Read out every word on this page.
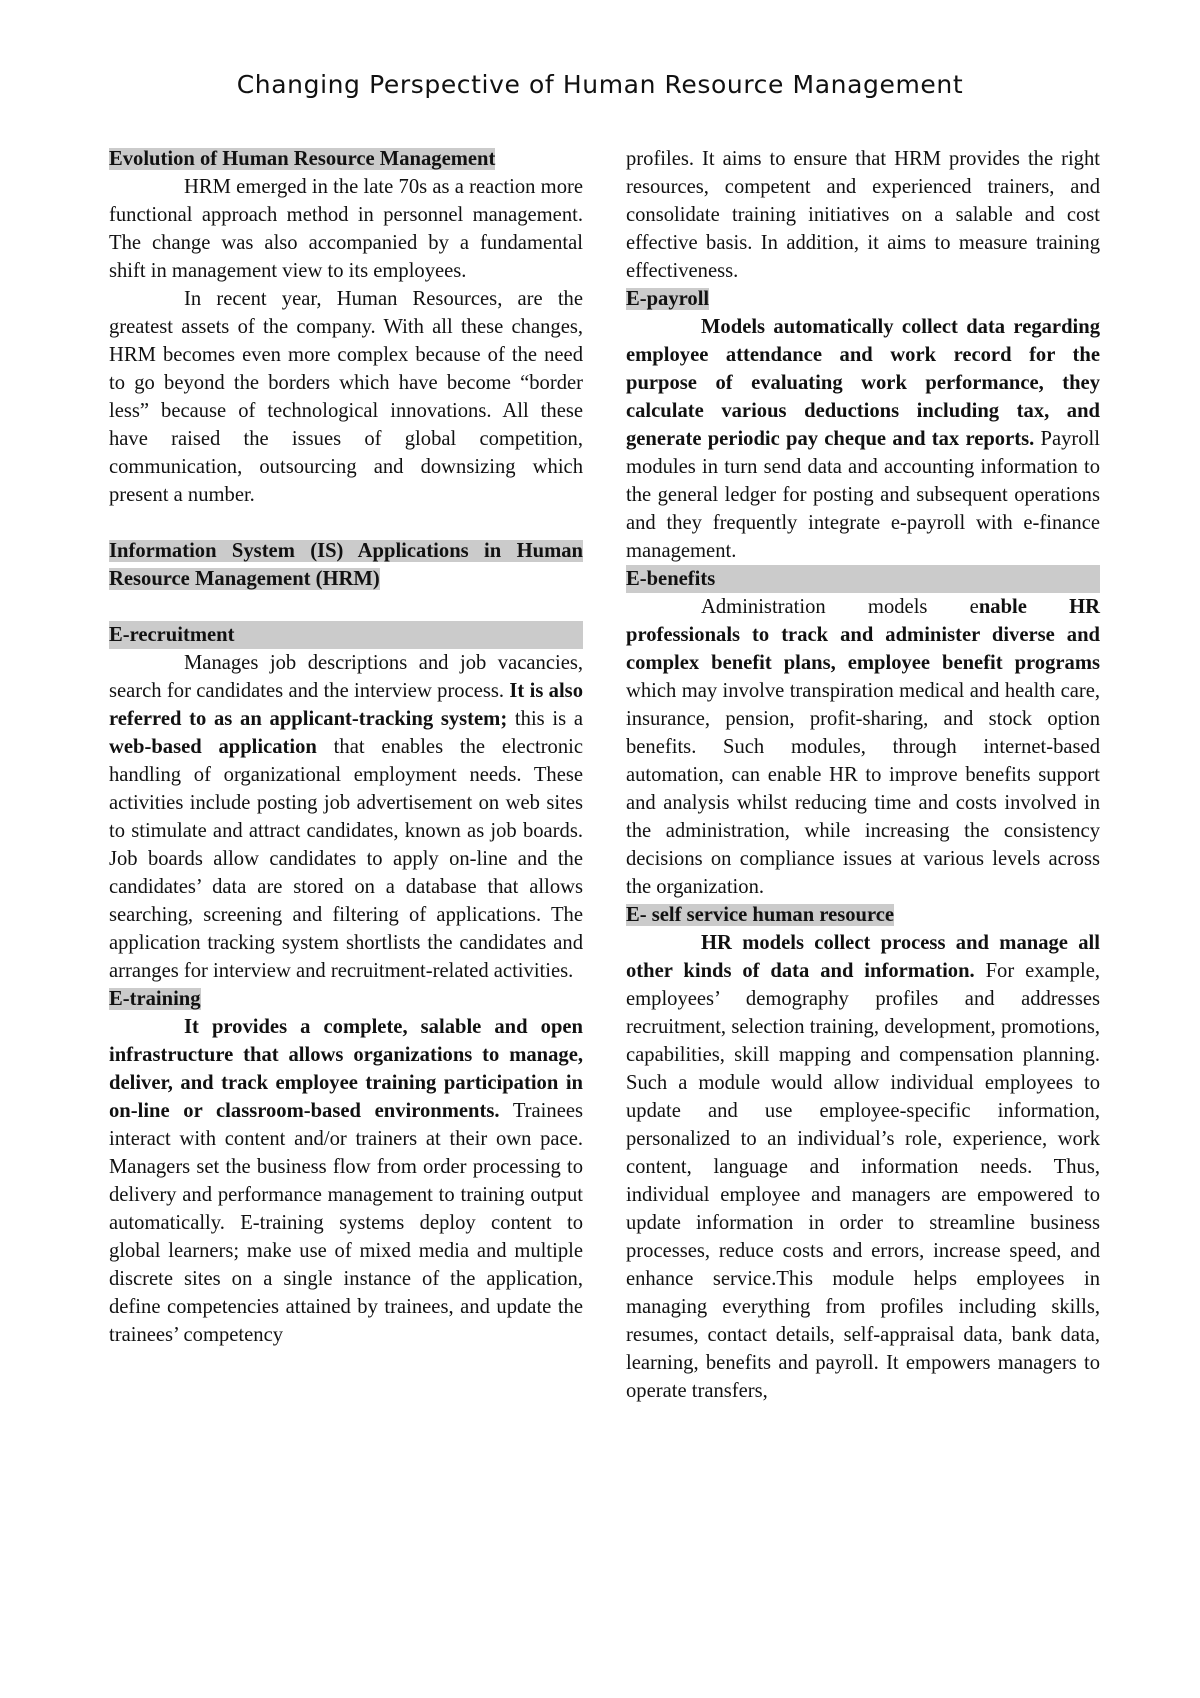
Changing Perspective of Human Resource Management

Evolution of Human Resource Management

HRM emerged in the late 70s as a reaction more functional approach method in personnel management. The change was also accompanied by a fundamental shift in management view to its employees.

In recent year, Human Resources, are the greatest assets of the company. With all these changes, HRM becomes even more complex because of the need to go beyond the borders which have become “border less” because of technological innovations. All these have raised the issues of global competition, communication, outsourcing and downsizing which present a number.

Information System (IS) Applications in Human Resource Management (HRM)

E-recruitment

Manages job descriptions and job vacancies, search for candidates and the interview process. It is also referred to as an applicant-tracking system; this is a web-based application that enables the electronic handling of organizational employment needs. These activities include posting job advertisement on web sites to stimulate and attract candidates, known as job boards. Job boards allow candidates to apply on-line and the candidates’ data are stored on a database that allows searching, screening and filtering of applications. The application tracking system shortlists the candidates and arranges for interview and recruitment-related activities.

E-training

It provides a complete, salable and open infrastructure that allows organizations to manage, deliver, and track employee training participation in on-line or classroom-based environments. Trainees interact with content and/or trainers at their own pace. Managers set the business flow from order processing to delivery and performance management to training output automatically. E-training systems deploy content to global learners; make use of mixed media and multiple discrete sites on a single instance of the application, define competencies attained by trainees, and update the trainees’ competency

profiles. It aims to ensure that HRM provides the right resources, competent and experienced trainers, and consolidate training initiatives on a salable and cost effective basis. In addition, it aims to measure training effectiveness.

E-payroll

Models automatically collect data regarding employee attendance and work record for the purpose of evaluating work performance, they calculate various deductions including tax, and generate periodic pay cheque and tax reports. Payroll modules in turn send data and accounting information to the general ledger for posting and subsequent operations and they frequently integrate e-payroll with e-finance management.

E-benefits

Administration models enable HR professionals to track and administer diverse and complex benefit plans, employee benefit programs which may involve transpiration medical and health care, insurance, pension, profit-sharing, and stock option benefits. Such modules, through internet-based automation, can enable HR to improve benefits support and analysis whilst reducing time and costs involved in the administration, while increasing the consistency decisions on compliance issues at various levels across the organization.

E- self service human resource

HR models collect process and manage all other kinds of data and information. For example, employees’ demography profiles and addresses recruitment, selection training, development, promotions, capabilities, skill mapping and compensation planning. Such a module would allow individual employees to update and use employee-specific information, personalized to an individual’s role, experience, work content, language and information needs. Thus, individual employee and managers are empowered to update information in order to streamline business processes, reduce costs and errors, increase speed, and enhance service.This module helps employees in managing everything from profiles including skills, resumes, contact details, self-appraisal data, bank data, learning, benefits and payroll. It empowers managers to operate transfers,
